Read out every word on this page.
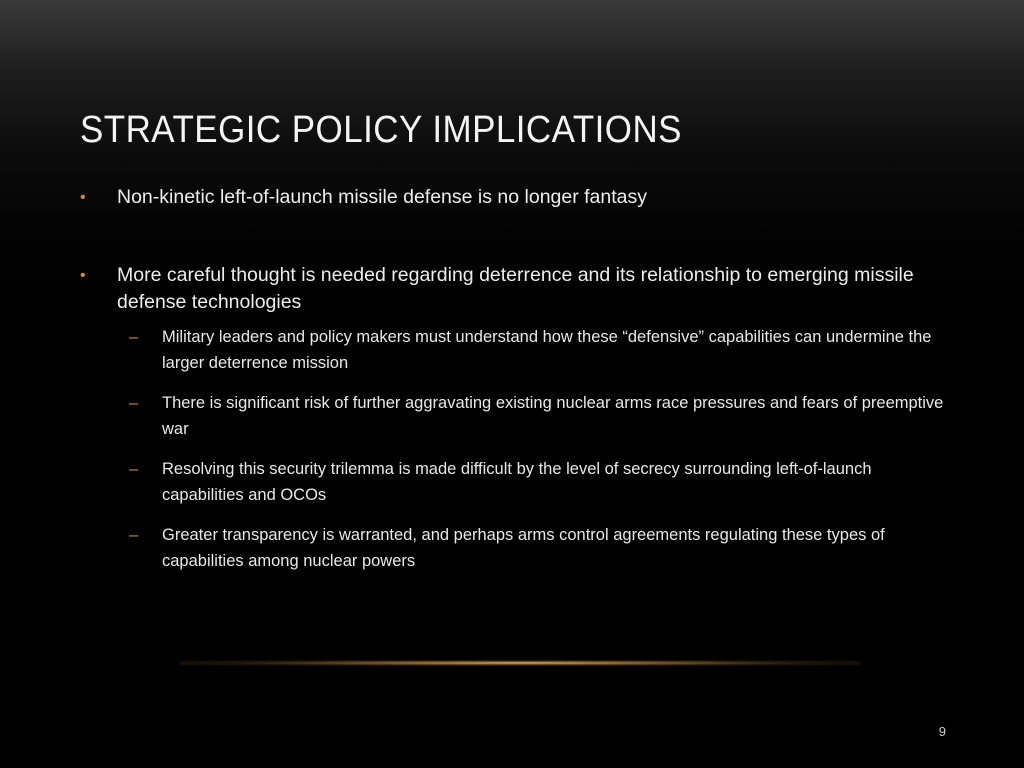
STRATEGIC POLICY IMPLICATIONS
• Non-kinetic left-of-launch missile defense is no longer fantasy
• More careful thought is needed regarding deterrence and its relationship to emerging missile defense technologies
– Military leaders and policy makers must understand how these “defensive” capabilities can undermine the larger deterrence mission
– There is significant risk of further aggravating existing nuclear arms race pressures and fears of preemptive war
– Resolving this security trilemma is made difficult by the level of secrecy surrounding left-of-launch capabilities and OCOs
– Greater transparency is warranted, and perhaps arms control agreements regulating these types of capabilities among nuclear powers
9
